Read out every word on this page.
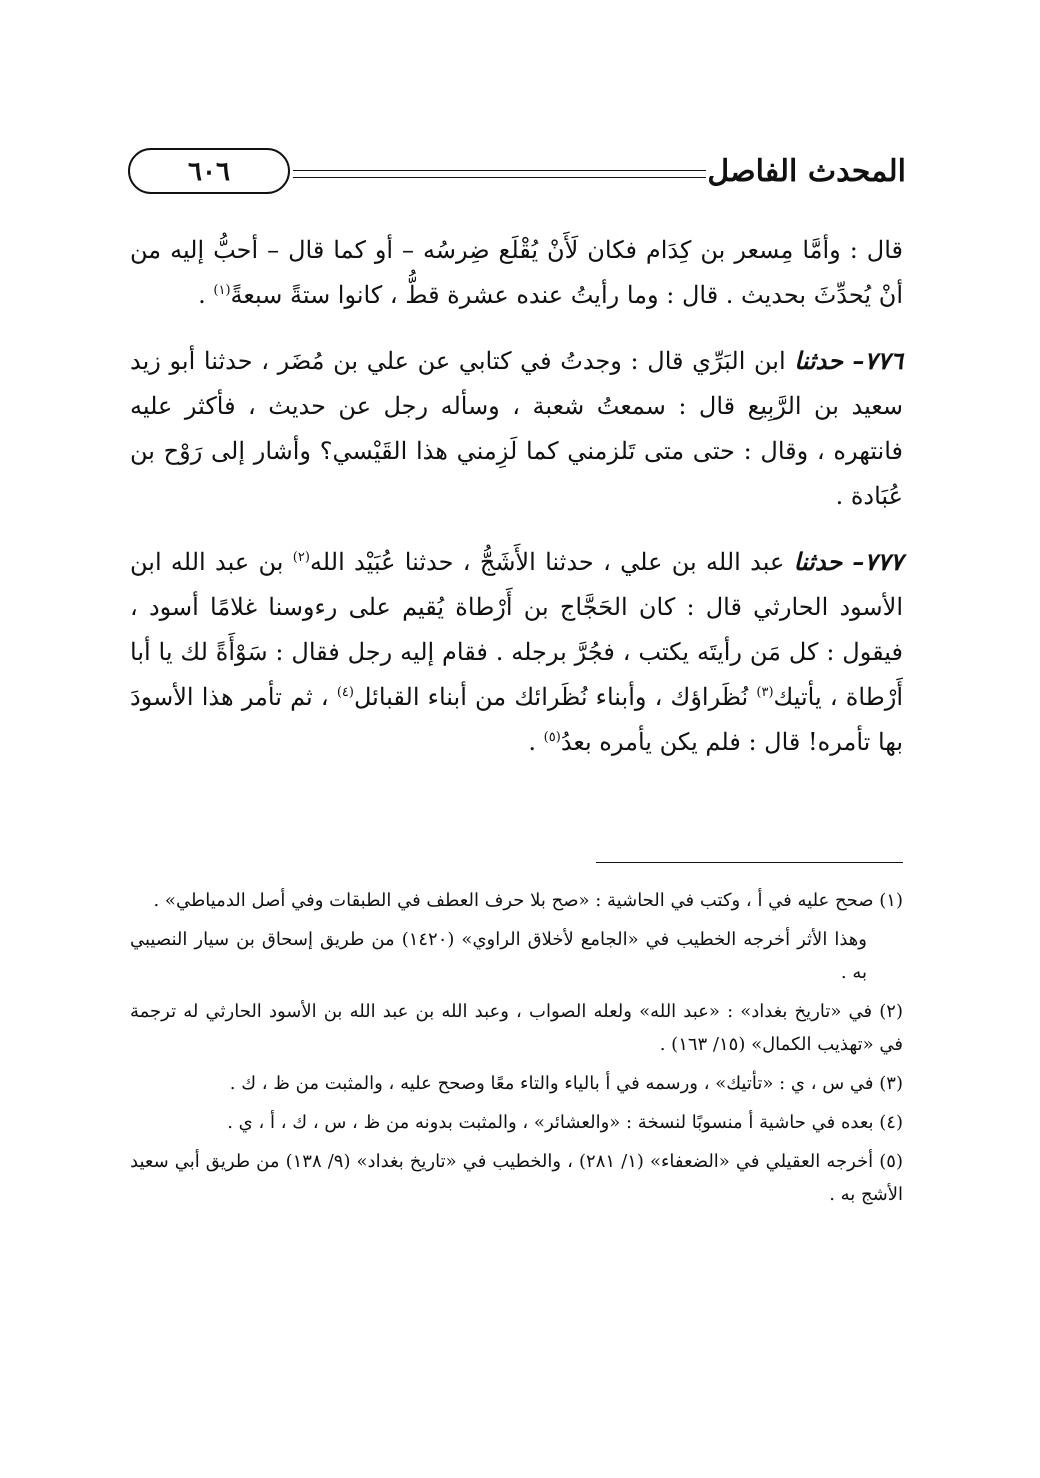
٦٠٦	المحدث الفاصل

قال : وأمَّا مِسعر بن كِدَام فكان لَأَنْ يُقْلَع ضِرسُه – أو كما قال – أحبُّ إليه من أنْ يُحدِّثَ بحديث . قال : وما رأيتُ عنده عشرة قطُّ ، كانوا ستةً سبعةً$^{(١)}$ .

٧٧٦– حدثنا ابن البَرِّي قال : وجدتُ في كتابي عن علي بن مُضَر ، حدثنا أبو زيد سعيد بن الرَّبِيع قال : سمعتُ شعبة ، وسأله رجل عن حديث ، فأكثر عليه فانتهره ، وقال : حتى متى تَلزمني كما لَزِمني هذا القَيْسي؟ وأشار إلى رَوْح بن عُبَادة .

٧٧٧– حدثنا عبد الله بن علي ، حدثنا الأَشَجُّ ، حدثنا عُبَيْد الله$^{(٢)}$ بن عبد الله ابن الأسود الحارثي قال : كان الحَجَّاج بن أَرْطاة يُقيم على رءوسنا غلامًا أسود ، فيقول : كل مَن رأيتَه يكتب ، فجُرَّ برجله . فقام إليه رجل فقال : سَوْأَةً لك يا أبا أَرْطاة ، يأتيك$^{(٣)}$ نُظَراؤك ، وأبناء نُظَرائك من أبناء القبائل$^{(٤)}$ ، ثم تأمر هذا الأسودَ بها تأمره! قال : فلم يكن يأمره بعدُ$^{(٥)}$ .

(١) صحح عليه في أ ، وكتب في الحاشية : «صح بلا حرف العطف في الطبقات وفي أصل الدمياطي» .

وهذا الأثر أخرجه الخطيب في «الجامع لأخلاق الراوي» (١٤٢٠) من طريق إسحاق بن سيار النصيبي به .

(٢) في «تاريخ بغداد» : «عبد الله» ولعله الصواب ، وعبد الله بن عبد الله بن الأسود الحارثي له ترجمة في «تهذيب الكمال» (١٥/ ١٦٣) .

(٣) في س ، ي : «تأتيك» ، ورسمه في أ بالياء والتاء معًا وصحح عليه ، والمثبت من ظ ، ك .

(٤) بعده في حاشية أ منسوبًا لنسخة : «والعشائر» ، والمثبت بدونه من ظ ، س ، ك ، أ ، ي .

(٥) أخرجه العقيلي في «الضعفاء» (١/ ٢٨١) ، والخطيب في «تاريخ بغداد» (٩/ ١٣٨) من طريق أبي سعيد الأشج به .
